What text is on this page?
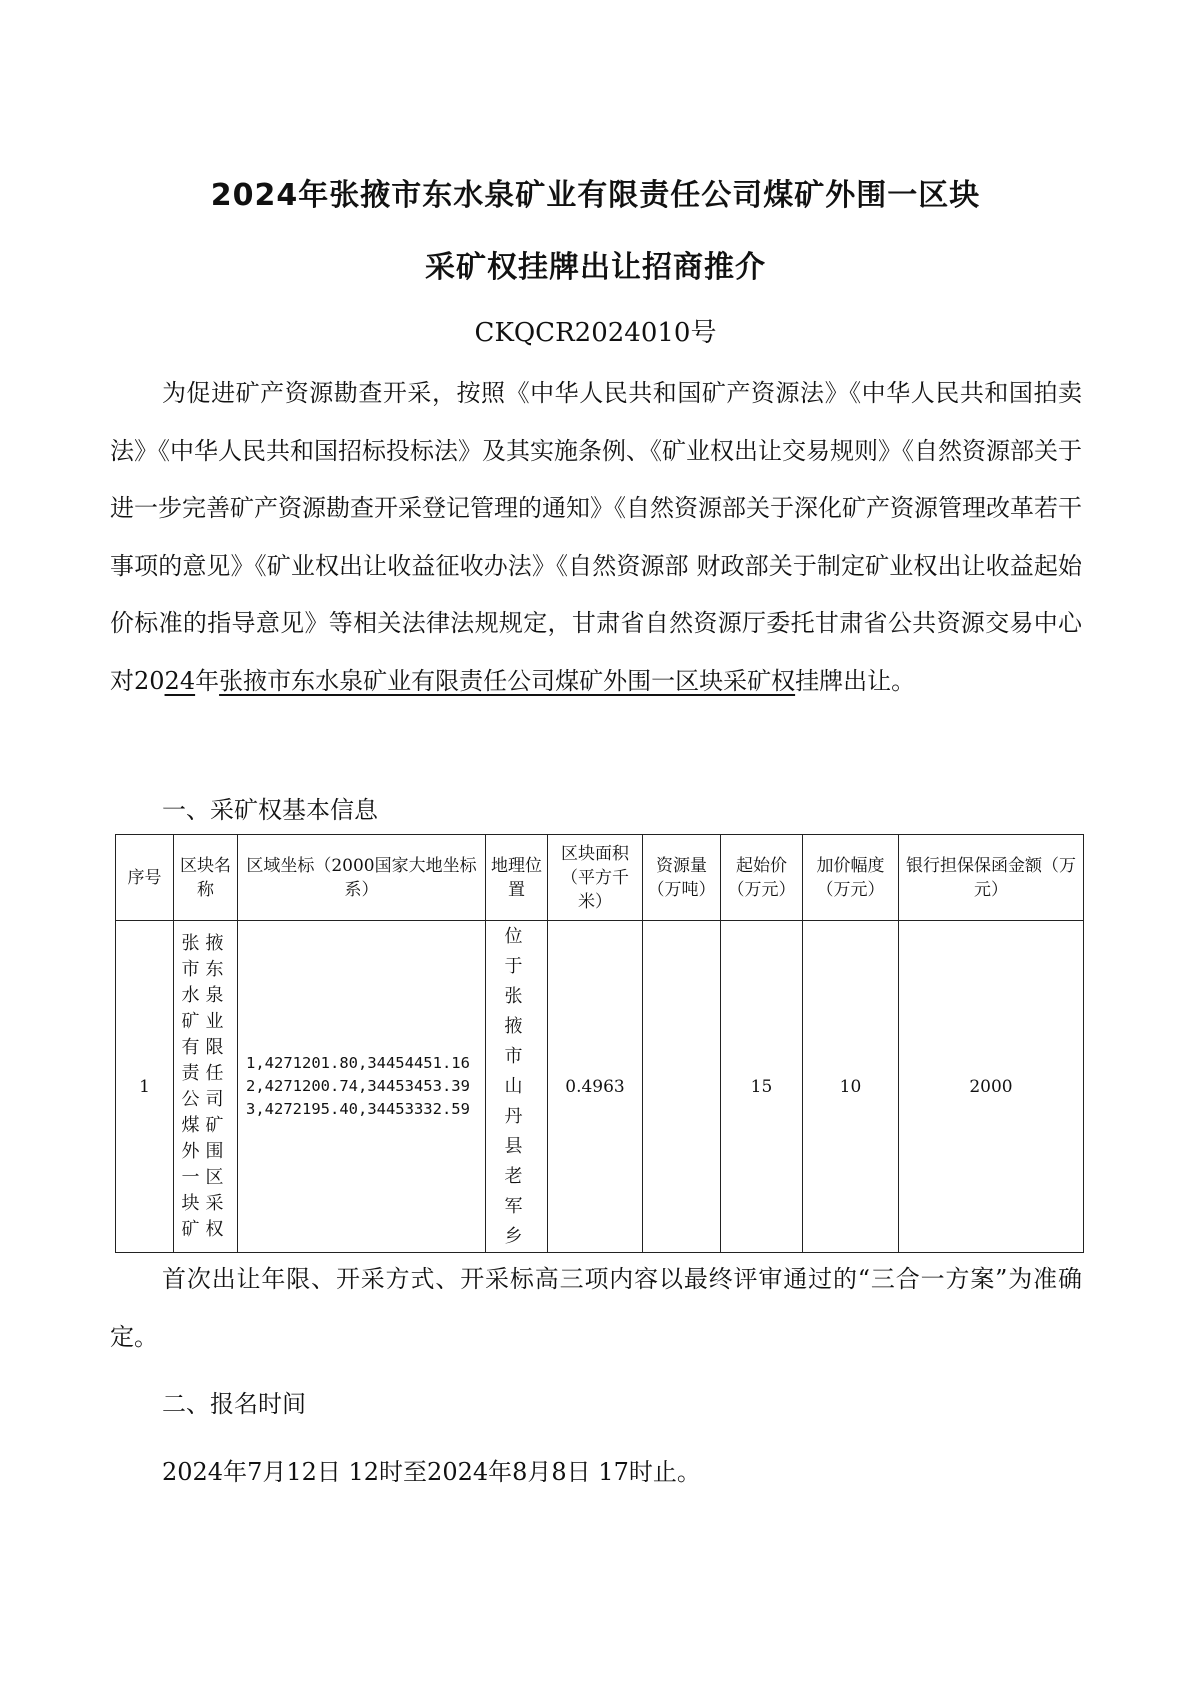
2024年张掖市东水泉矿业有限责任公司煤矿外围一区块
采矿权挂牌出让招商推介

CKQCR2024010号

为促进矿产资源勘查开采，按照《中华人民共和国矿产资源法》《中华人民共和国拍卖法》《中华人民共和国招标投标法》及其实施条例、《矿业权出让交易规则》《自然资源部关于进一步完善矿产资源勘查开采登记管理的通知》《自然资源部关于深化矿产资源管理改革若干事项的意见》《矿业权出让收益征收办法》《自然资源部 财政部关于制定矿业权出让收益起始价标准的指导意见》等相关法律法规规定，甘肃省自然资源厅委托甘肃省公共资源交易中心对2024年张掖市东水泉矿业有限责任公司煤矿外围一区块采矿权挂牌出让。

一、采矿权基本信息

序号	区块名称	区域坐标（2000国家大地坐标系）	地理位置	区块面积（平方千米）	资源量（万吨）	起始价（万元）	加价幅度（万元）	银行担保保函金额（万元）
1	张掖市东水泉矿业有限责任公司煤矿外围一区块采矿权	1,4271201.80,34454451.16
2,4271200.74,34453453.39
3,4272195.40,34453332.59	位于张掖市山丹县老军乡	0.4963		15	10	2000

首次出让年限、开采方式、开采标高三项内容以最终评审通过的“三合一方案”为准确定。

二、报名时间

2024年7月12日 12时至2024年8月8日 17时止。
